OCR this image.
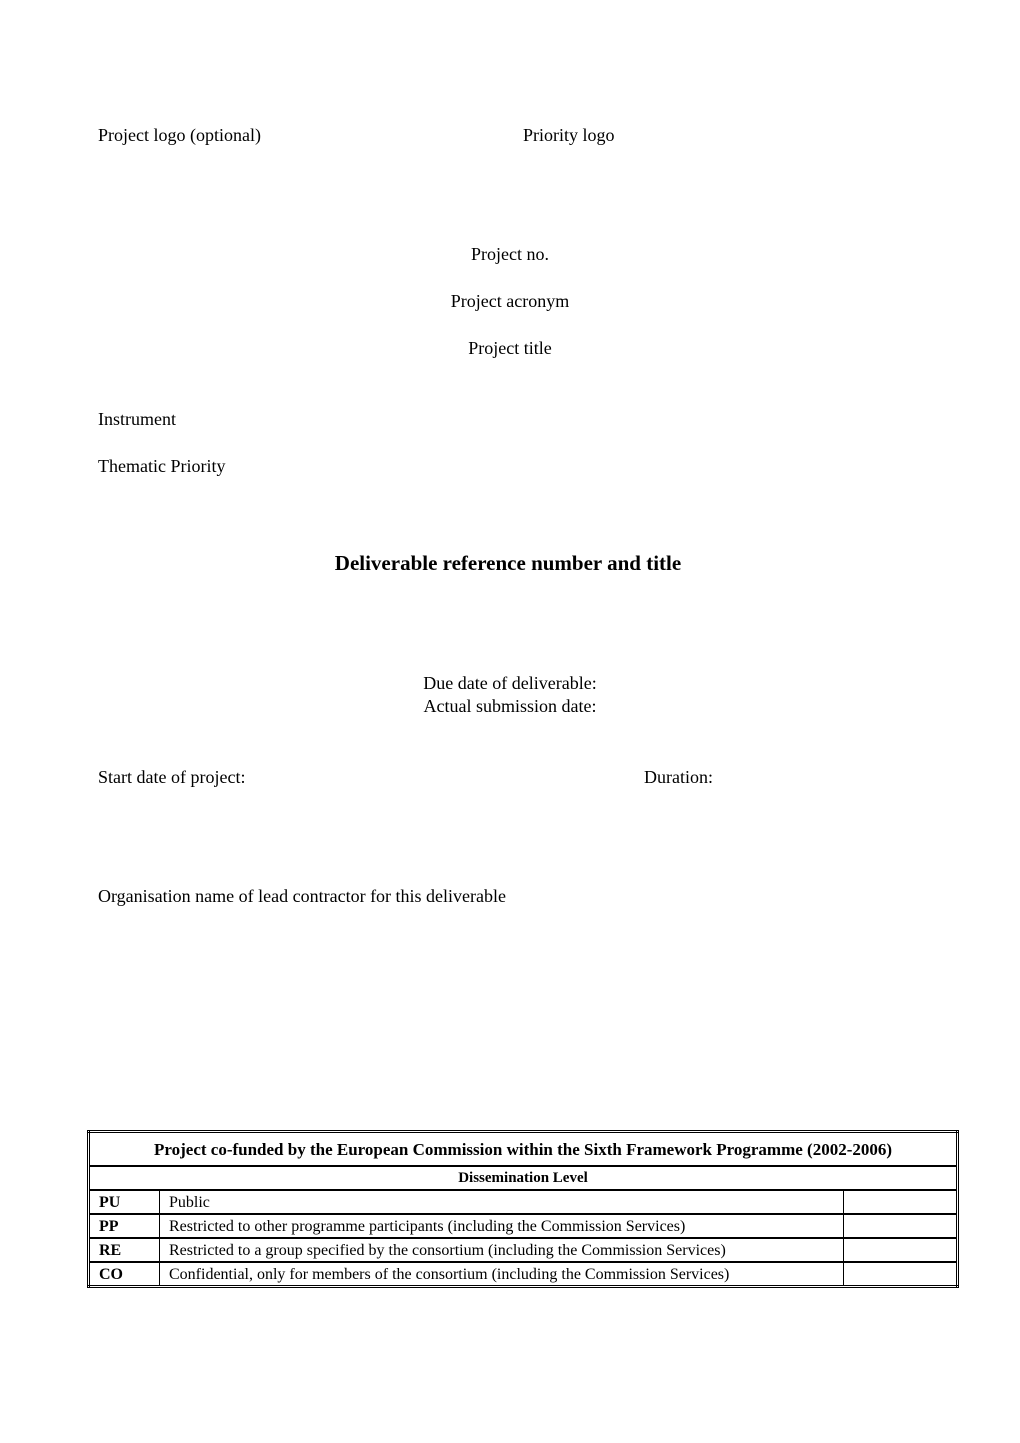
Project logo (optional)	Priority logo
Project no.
Project acronym
Project title
Instrument
Thematic Priority
Deliverable reference number and title
Due date of deliverable:
Actual submission date:
Start date of project:	Duration:
Organisation name of lead contractor for this deliverable
Project co-funded by the European Commission within the Sixth Framework Programme (2002-2006)		
Dissemination Level		
PU	Public	
PP	Restricted to other programme participants (including the Commission Services)	
RE	Restricted to a group specified by the consortium (including the Commission Services)	
CO	Confidential, only for members of the consortium (including the Commission Services)	
